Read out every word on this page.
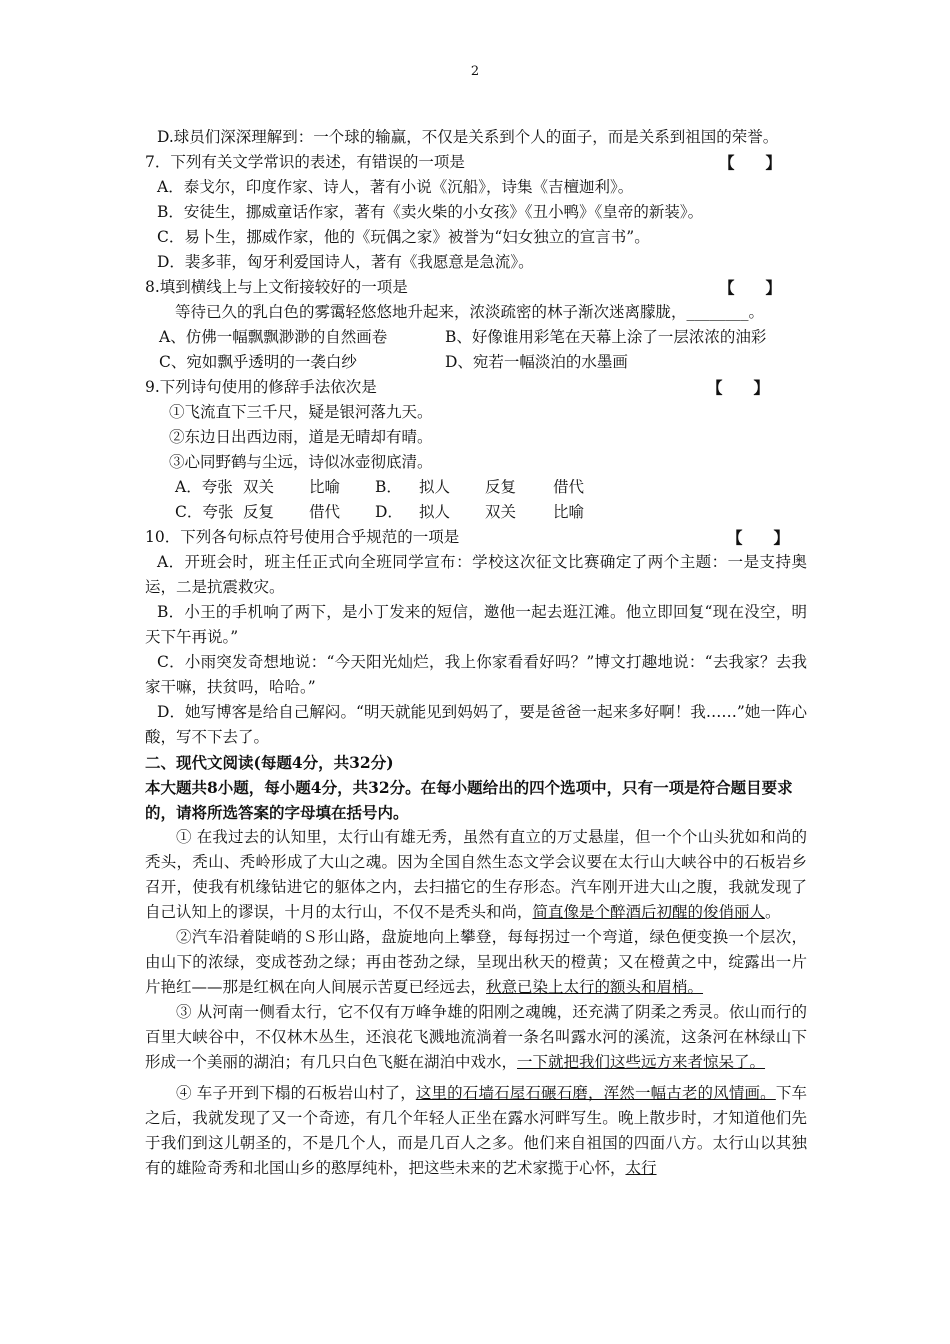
2
D.球员们深深理解到：一个球的输赢，不仅是关系到个人的面子，而是关系到祖国的荣誉。
7．下列有关文学常识的表述，有错误的一项是	【　　】
A．泰戈尔，印度作家、诗人，著有小说《沉船》，诗集《吉檀迦利》。
B．安徒生，挪威童话作家，著有《卖火柴的小女孩》《丑小鸭》《皇帝的新装》。
C．易卜生，挪威作家，他的《玩偶之家》被誉为“妇女独立的宣言书”。
D．裴多菲，匈牙利爱国诗人，著有《我愿意是急流》。
8.填到横线上与上文衔接较好的一项是	【　　】
等待已久的乳白色的雾霭轻悠悠地升起来，浓淡疏密的林子渐次迷离朦胧，________。
A、仿佛一幅飘飘渺渺的自然画卷	B、好像谁用彩笔在天幕上涂了一层浓浓的油彩
C、宛如飘乎透明的一袭白纱	D、宛若一幅淡泊的水墨画
9.下列诗句使用的修辞手法依次是	【　　】
①飞流直下三千尺，疑是银河落九天。
②东边日出西边雨，道是无晴却有晴。
③心同野鹤与尘远，诗似冰壶彻底清。
A．夸张 双关	比喻	B．	拟人	反复	借代
C．夸张 反复	借代	D．	拟人	双关	比喻
10．下列各句标点符号使用合乎规范的一项是	【　　】
A．开班会时，班主任正式向全班同学宣布：学校这次征文比赛确定了两个主题：一是支持奥运，二是抗震救灾。
B．小王的手机响了两下，是小丁发来的短信，邀他一起去逛江滩。他立即回复“现在没空，明天下午再说。”
C．小雨突发奇想地说：“今天阳光灿烂，我上你家看看好吗？”博文打趣地说：“去我家？去我家干嘛，扶贫吗，哈哈。”
D．她写博客是给自己解闷。“明天就能见到妈妈了，要是爸爸一起来多好啊！我……”她一阵心酸，写不下去了。
二、现代文阅读(每题4分，共32分)
本大题共8小题，每小题4分，共32分。在每小题给出的四个选项中，只有一项是符合题目要求的，请将所选答案的字母填在括号内。
① 在我过去的认知里，太行山有雄无秀，虽然有直立的万丈悬崖，但一个个山头犹如和尚的秃头，秃山、秃岭形成了大山之魂。因为全国自然生态文学会议要在太行山大峡谷中的石板岩乡召开，使我有机缘钻进它的躯体之内，去扫描它的生存形态。汽车刚开进大山之腹，我就发现了自己认知上的谬误，十月的太行山，不仅不是秃头和尚，简直像是个醉酒后初醒的俊俏丽人。
②汽车沿着陡峭的Ｓ形山路，盘旋地向上攀登，每每拐过一个弯道，绿色便变换一个层次，由山下的浓绿，变成苍劲之绿；再由苍劲之绿，呈现出秋天的橙黄；又在橙黄之中，绽露出一片片艳红——那是红枫在向人间展示苦夏已经远去，秋意已染上太行的额头和眉梢。
③ 从河南一侧看太行，它不仅有万峰争雄的阳刚之魂魄，还充满了阴柔之秀灵。依山而行的百里大峡谷中，不仅林木丛生，还浪花飞溅地流淌着一条名叫露水河的溪流，这条河在林绿山下形成一个美丽的湖泊；有几只白色飞艇在湖泊中戏水，一下就把我们这些远方来者惊呆了。
④ 车子开到下榻的石板岩山村了，这里的石墙石屋石碾石磨，浑然一幅古老的风情画。下车之后，我就发现了又一个奇迹，有几个年轻人正坐在露水河畔写生。晚上散步时，才知道他们先于我们到这儿朝圣的，不是几个人，而是几百人之多。他们来自祖国的四面八方。太行山以其独有的雄险奇秀和北国山乡的憨厚纯朴，把这些未来的艺术家揽于心怀，太行
